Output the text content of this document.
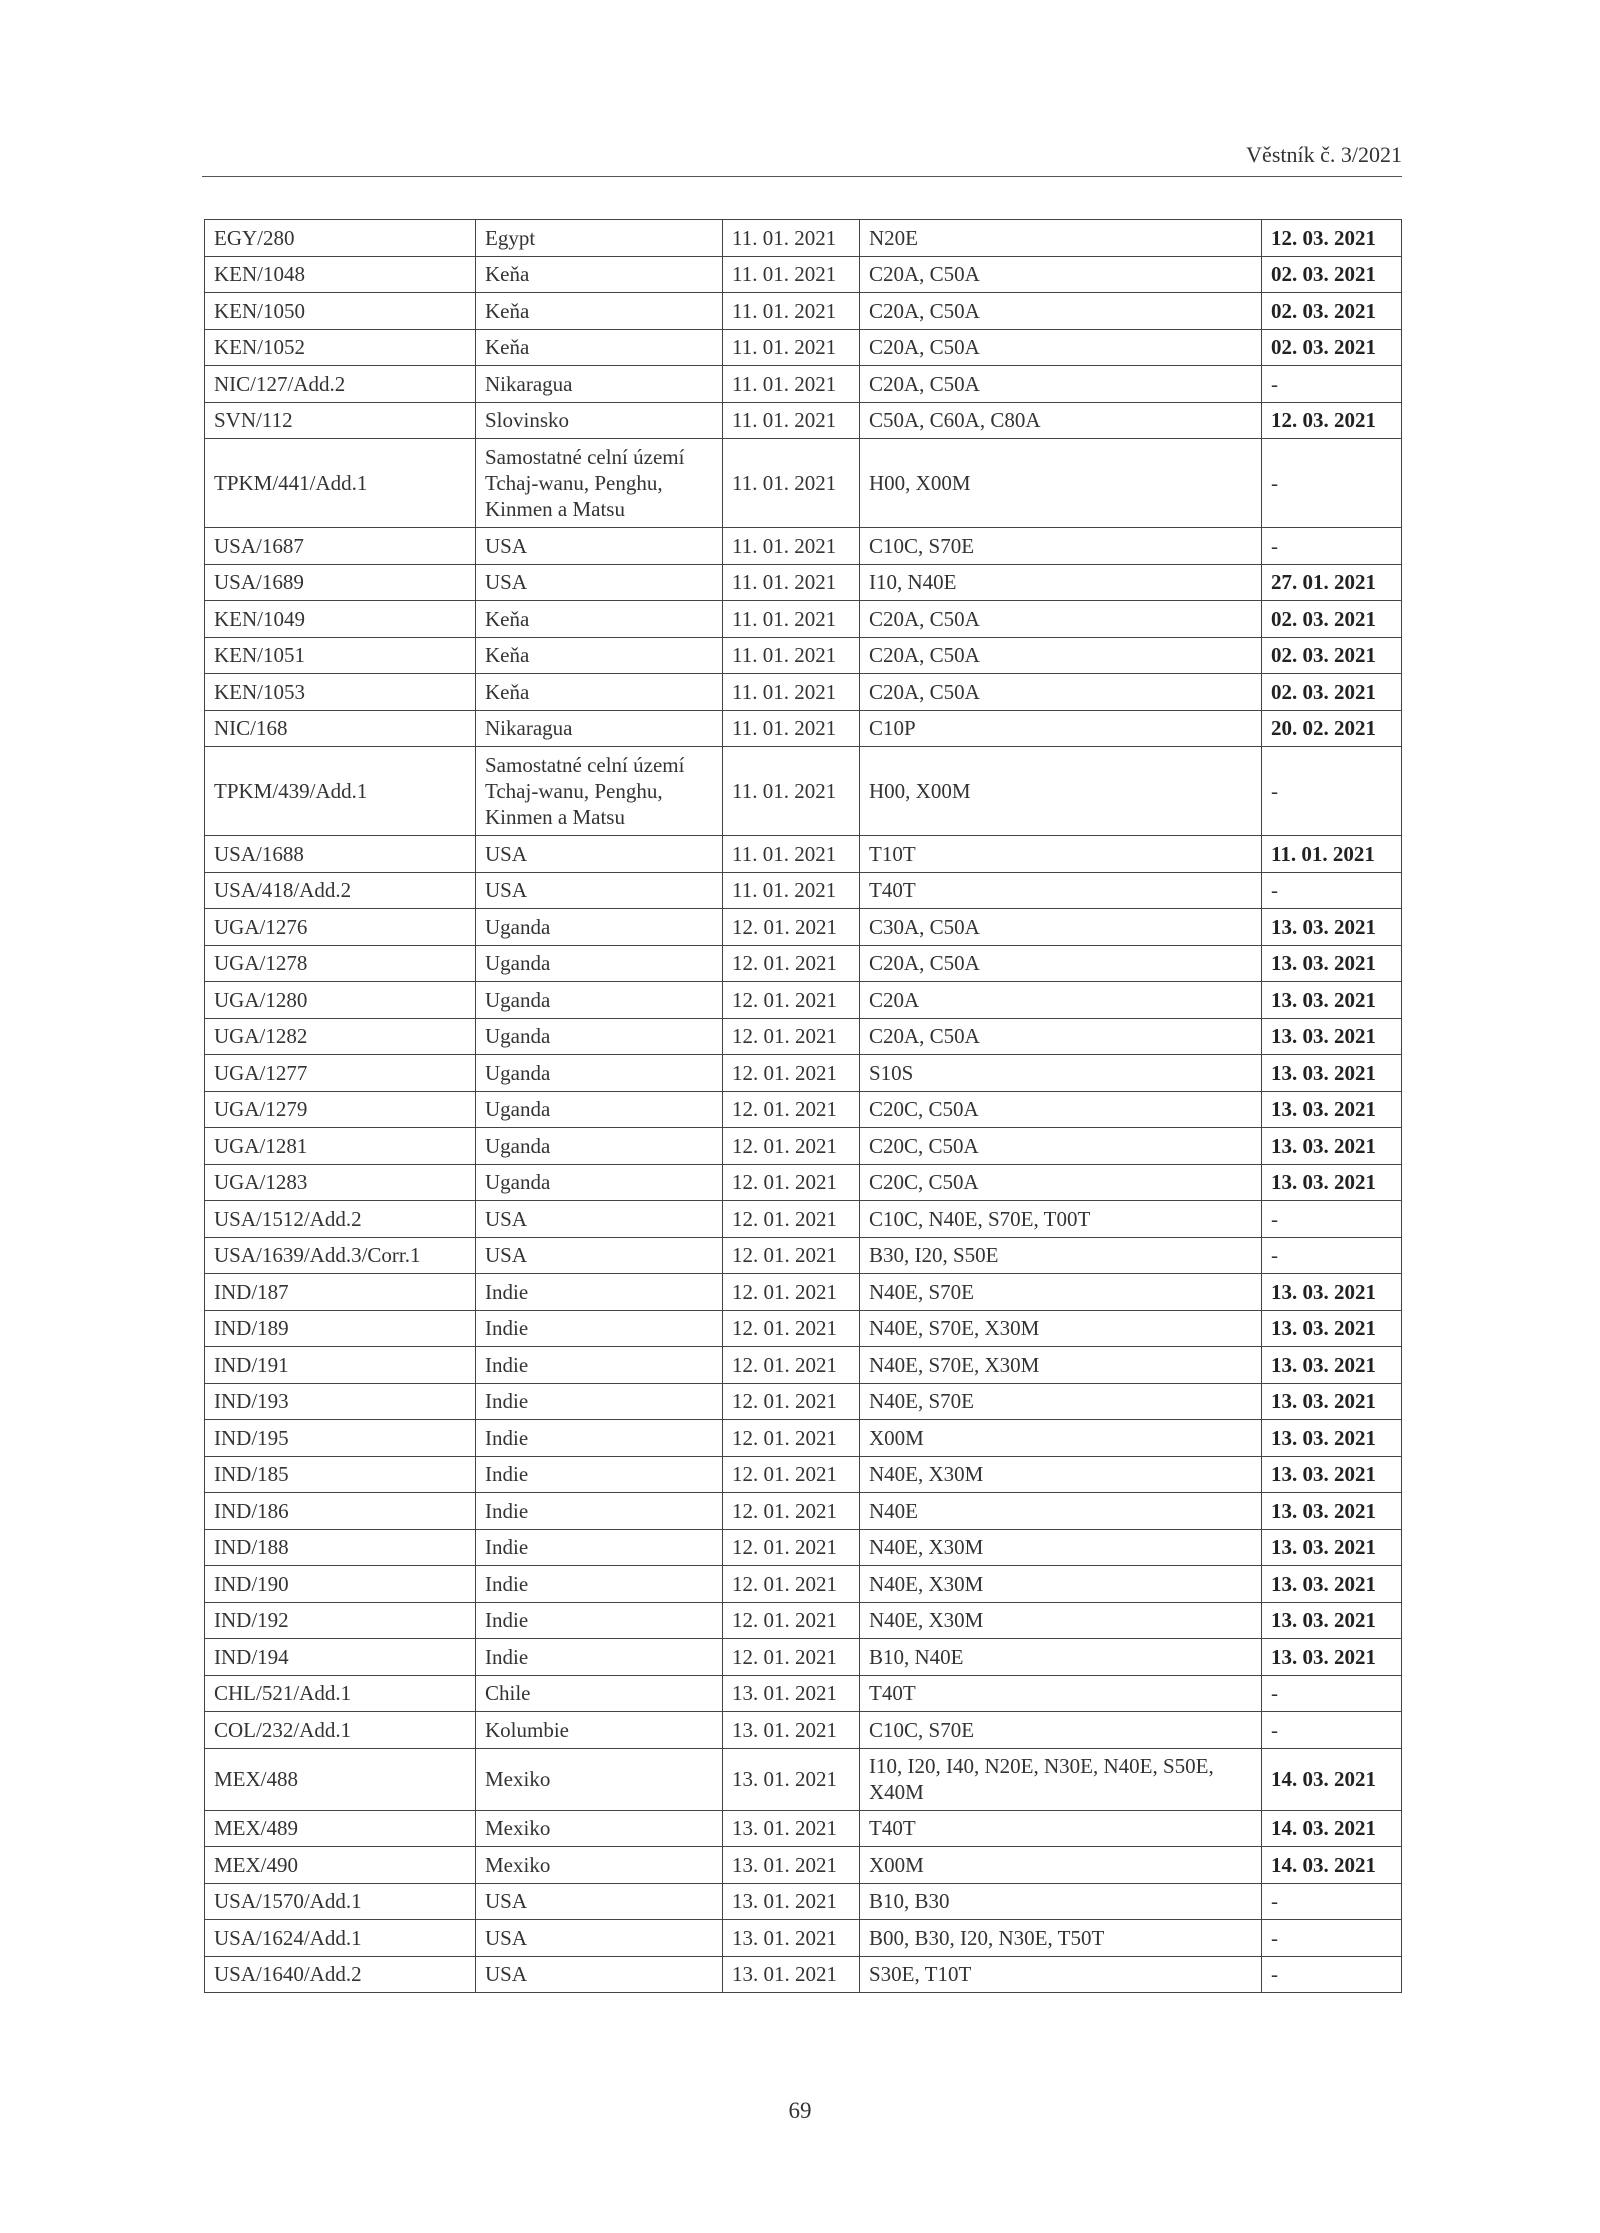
Věstník č. 3/2021
EGY/280	Egypt	11. 01. 2021	N20E	12. 03. 2021
KEN/1048	Keňa	11. 01. 2021	C20A, C50A	02. 03. 2021
KEN/1050	Keňa	11. 01. 2021	C20A, C50A	02. 03. 2021
KEN/1052	Keňa	11. 01. 2021	C20A, C50A	02. 03. 2021
NIC/127/Add.2	Nikaragua	11. 01. 2021	C20A, C50A	-
SVN/112	Slovinsko	11. 01. 2021	C50A, C60A, C80A	12. 03. 2021
TPKM/441/Add.1	Samostatné celní území Tchaj-wanu, Penghu, Kinmen a Matsu	11. 01. 2021	H00, X00M	-
USA/1687	USA	11. 01. 2021	C10C, S70E	-
USA/1689	USA	11. 01. 2021	I10, N40E	27. 01. 2021
KEN/1049	Keňa	11. 01. 2021	C20A, C50A	02. 03. 2021
KEN/1051	Keňa	11. 01. 2021	C20A, C50A	02. 03. 2021
KEN/1053	Keňa	11. 01. 2021	C20A, C50A	02. 03. 2021
NIC/168	Nikaragua	11. 01. 2021	C10P	20. 02. 2021
TPKM/439/Add.1	Samostatné celní území Tchaj-wanu, Penghu, Kinmen a Matsu	11. 01. 2021	H00, X00M	-
USA/1688	USA	11. 01. 2021	T10T	11. 01. 2021
USA/418/Add.2	USA	11. 01. 2021	T40T	-
UGA/1276	Uganda	12. 01. 2021	C30A, C50A	13. 03. 2021
UGA/1278	Uganda	12. 01. 2021	C20A, C50A	13. 03. 2021
UGA/1280	Uganda	12. 01. 2021	C20A	13. 03. 2021
UGA/1282	Uganda	12. 01. 2021	C20A, C50A	13. 03. 2021
UGA/1277	Uganda	12. 01. 2021	S10S	13. 03. 2021
UGA/1279	Uganda	12. 01. 2021	C20C, C50A	13. 03. 2021
UGA/1281	Uganda	12. 01. 2021	C20C, C50A	13. 03. 2021
UGA/1283	Uganda	12. 01. 2021	C20C, C50A	13. 03. 2021
USA/1512/Add.2	USA	12. 01. 2021	C10C, N40E, S70E, T00T	-
USA/1639/Add.3/Corr.1	USA	12. 01. 2021	B30, I20, S50E	-
IND/187	Indie	12. 01. 2021	N40E, S70E	13. 03. 2021
IND/189	Indie	12. 01. 2021	N40E, S70E, X30M	13. 03. 2021
IND/191	Indie	12. 01. 2021	N40E, S70E, X30M	13. 03. 2021
IND/193	Indie	12. 01. 2021	N40E, S70E	13. 03. 2021
IND/195	Indie	12. 01. 2021	X00M	13. 03. 2021
IND/185	Indie	12. 01. 2021	N40E, X30M	13. 03. 2021
IND/186	Indie	12. 01. 2021	N40E	13. 03. 2021
IND/188	Indie	12. 01. 2021	N40E, X30M	13. 03. 2021
IND/190	Indie	12. 01. 2021	N40E, X30M	13. 03. 2021
IND/192	Indie	12. 01. 2021	N40E, X30M	13. 03. 2021
IND/194	Indie	12. 01. 2021	B10, N40E	13. 03. 2021
CHL/521/Add.1	Chile	13. 01. 2021	T40T	-
COL/232/Add.1	Kolumbie	13. 01. 2021	C10C, S70E	-
MEX/488	Mexiko	13. 01. 2021	I10, I20, I40, N20E, N30E, N40E, S50E, X40M	14. 03. 2021
MEX/489	Mexiko	13. 01. 2021	T40T	14. 03. 2021
MEX/490	Mexiko	13. 01. 2021	X00M	14. 03. 2021
USA/1570/Add.1	USA	13. 01. 2021	B10, B30	-
USA/1624/Add.1	USA	13. 01. 2021	B00, B30, I20, N30E, T50T	-
USA/1640/Add.2	USA	13. 01. 2021	S30E, T10T	-
69
